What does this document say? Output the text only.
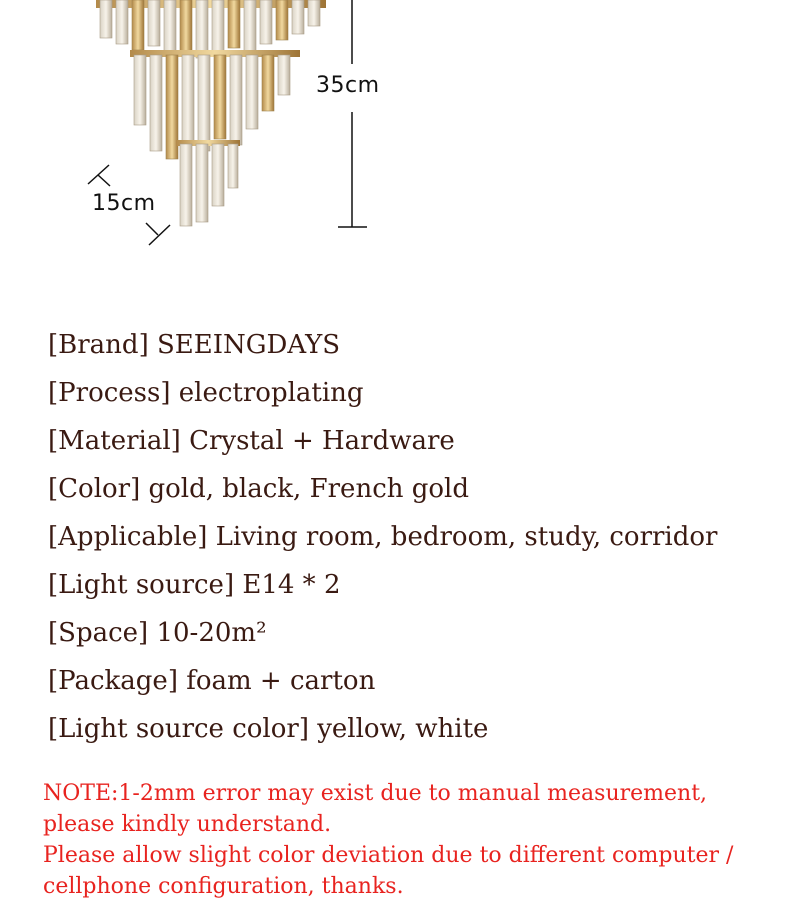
35cm
15cm
[Brand] SEEINGDAYS
[Process] electroplating
[Material] Crystal + Hardware
[Color] gold, black, French gold
[Applicable] Living room, bedroom, study, corridor
[Light source] E14 * 2
[Space] 10-20m²
[Package] foam + carton
[Light source color] yellow, white
NOTE:1-2mm error may exist due to manual measurement,
please kindly understand.
Please allow slight color deviation due to different computer /
cellphone configuration, thanks.
